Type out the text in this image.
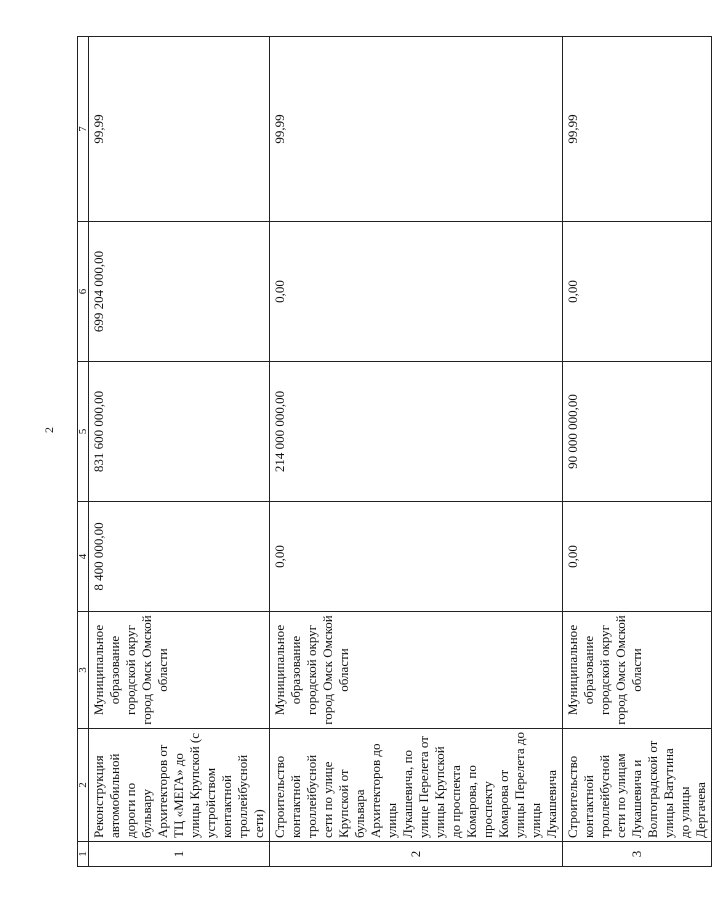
2
1	2	3	4	5	6	7
1	Реконструкция автомобильной дороги по бульвару Архитекторов от ТЦ «МЕГА» до улицы Крупской (с устройством контактной троллейбусной сети)	Муниципальное образование городской округ город Омск Омской области	8 400 000,00	831 600 000,00	699 204 000,00	99,99
2	Строительство контактной троллейбусной сети по улице Крупской от бульвара Архитекторов до улицы Лукашевича, по улице Перелета от улицы Крупской до проспекта Комарова, по проспекту Комарова от улицы Перелета до улицы Лукашевича	Муниципальное образование городской округ город Омск Омской области	0,00	214 000 000,00	0,00	99,99
3	Строительство контактной троллейбусной сети по улицам Лукашевича и Волгоградской от улицы Ватутина до улицы Дергачева	Муниципальное образование городской округ город Омск Омской области	0,00	90 000 000,00	0,00	99,99
